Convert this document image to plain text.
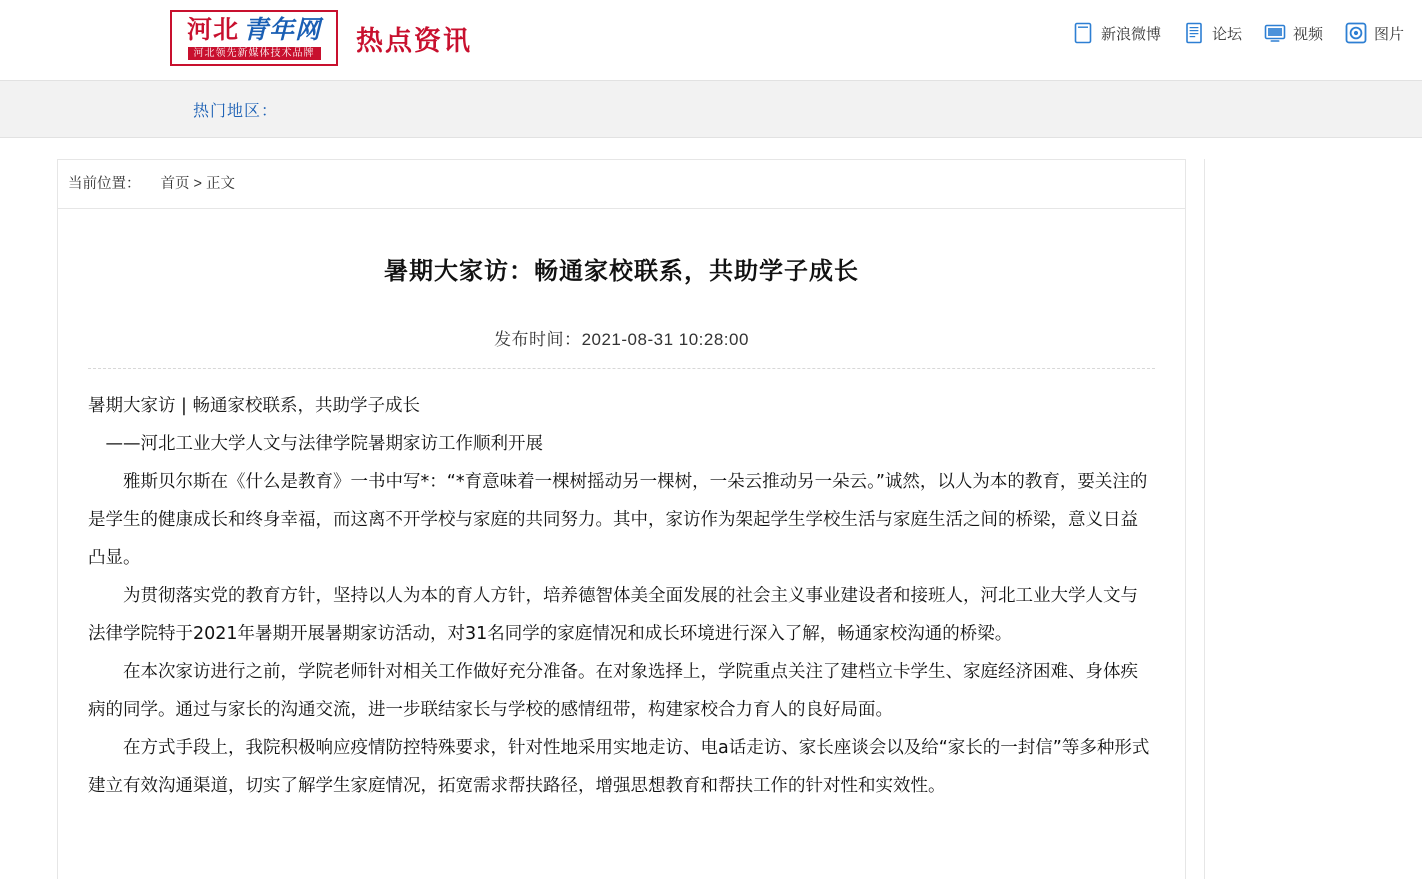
河北 青年网
河北领先新媒体技术品牌 热点资讯	新浪微博	论坛	视频	图片
热门地区：
当前位置： 首页 > 正文
暑期大家访：畅通家校联系，共助学子成长
发布时间：2021-08-31 10:28:00

暑期大家访 | 畅通家校联系，共助学子成长

——河北工业大学人文与法律学院暑期家访工作顺利开展

雅斯贝尔斯在《什么是教育》一书中写*：“*育意味着一棵树摇动另一棵树，一朵云推动另一朵云。”诚然，以人为本的教育，要关注的是学生的健康成长和终身幸福，而这离不开学校与家庭的共同努力。其中，家访作为架起学生学校生活与家庭生活之间的桥梁，意义日益凸显。

为贯彻落实党的教育方针，坚持以人为本的育人方针，培养德智体美全面发展的社会主义事业建设者和接班人，河北工业大学人文与法律学院特于2021年暑期开展暑期家访活动，对31名同学的家庭情况和成长环境进行深入了解，畅通家校沟通的桥梁。

在本次家访进行之前，学院老师针对相关工作做好充分准备。在对象选择上，学院重点关注了建档立卡学生、家庭经济困难、身体疾病的同学。通过与家长的沟通交流，进一步联结家长与学校的感情纽带，构建家校合力育人的良好局面。

在方式手段上，我院积极响应疫情防控特殊要求，针对性地采用实地走访、电a话走访、家长座谈会以及给“家长的一封信”等多种形式建立有效沟通渠道，切实了解学生家庭情况，拓宽需求帮扶路径，增强思想教育和帮扶工作的针对性和实效性。
